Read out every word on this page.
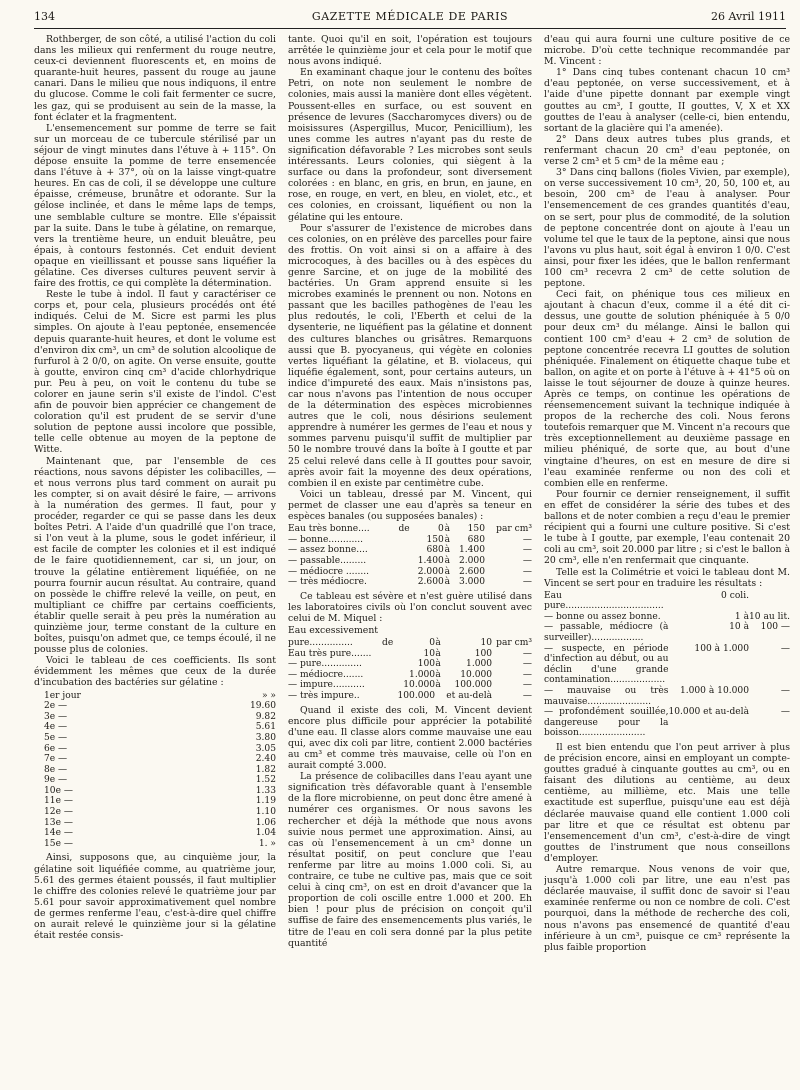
134	GAZETTE MÉDICALE DE PARIS	26 Avril 1911

Rothberger, de son côté, a utilisé l'action du coli dans les milieux qui renferment du rouge neutre, ceux-ci deviennent fluorescents et, en moins de quarante-huit heures, passent du rouge au jaune canari. Dans le milieu que nous indiquons, il entre du glucose. Comme le coli fait fermenter ce sucre, les gaz, qui se produisent au sein de la masse, la font éclater et la fragmentent.

L'ensemencement sur pomme de terre se fait sur un morceau de ce tubercule stérilisé par un séjour de vingt minutes dans l'étuve à + 115°. On dépose ensuite la pomme de terre ensemencée dans l'étuve à + 37°, où on la laisse vingt-quatre heures. En cas de coli, il se développe une culture épaisse, crémeuse, brunâtre et odorante. Sur la gélose inclinée, et dans le même laps de temps, une semblable culture se montre. Elle s'épaissit par la suite. Dans le tube à gélatine, on remarque, vers la trentième heure, un enduit bleuâtre, peu épais, à contours festonnés. Cet enduit devient opaque en vieillissant et pousse sans liquéfier la gélatine. Ces diverses cultures peuvent servir à faire des frottis, ce qui complète la détermination.

Reste le tube à indol. Il faut y caractériser ce corps et, pour cela, plusieurs procédés ont été indiqués. Celui de M. Sicre est parmi les plus simples. On ajoute à l'eau peptonée, ensemencée depuis quarante-huit heures, et dont le volume est d'environ dix cm³, un cm³ de solution alcoolique de furfurol à 2 0/0, on agite. On verse ensuite, goutte à goutte, environ cinq cm³ d'acide chlorhydrique pur. Peu à peu, on voit le contenu du tube se colorer en jaune serin s'il existe de l'indol. C'est afin de pouvoir bien apprécier ce changement de coloration qu'il est prudent de se servir d'une solution de peptone aussi incolore que possible, telle celle obtenue au moyen de la peptone de Witte.

Maintenant que, par l'ensemble de ces réactions, nous savons dépister les colibacilles, — et nous verrons plus tard comment on aurait pu les compter, si on avait désiré le faire, — arrivons à la numération des germes. Il faut, pour y procéder, regarder ce qui se passe dans les deux boîtes Petri. A l'aide d'un quadrillé que l'on trace, si l'on veut à la plume, sous le godet inférieur, il est facile de compter les colonies et il est indiqué de le faire quotidiennement, car si, un jour, on trouve la gélatine entièrement liquéfiée, on ne pourra fournir aucun résultat. Au contraire, quand on possède le chiffre relevé la veille, on peut, en multipliant ce chiffre par certains coefficients, établir quelle serait à peu près la numération au quinzième jour, terme constant de la culture en boîtes, puisqu'on admet que, ce temps écoulé, il ne pousse plus de colonies.

Voici le tableau de ces coefficients. Ils sont évidemment les mêmes que ceux de la durée d'incubation des bactéries sur gélatine :

1er jour	» »
2e —	19.60
3e —	9.82
4e —	5.61
5e —	3.80
6e —	3.05
7e —	2.40
8e —	1.82
9e —	1.52
10e —	1.33
11e —	1.19
12e —	1.10
13e —	1.06
14e —	1.04
15e —	1. »

Ainsi, supposons que, au cinquième jour, la gélatine soit liquéfiée comme, au quatrième jour, 5.61 des germes étaient poussés, il faut multiplier le chiffre des colonies relevé le quatrième jour par 5.61 pour savoir approximativement quel nombre de germes renferme l'eau, c'est-à-dire quel chiffre on aurait relevé le quinzième jour si la gélatine était restée consis-

tante. Quoi qu'il en soit, l'opération est toujours arrêtée le quinzième jour et cela pour le motif que nous avons indiqué.

En examinant chaque jour le contenu des boîtes Petri, on note non seulement le nombre de colonies, mais aussi la manière dont elles végètent. Poussent-elles en surface, ou est souvent en présence de levures (Saccharomyces divers) ou de moisissures (Aspergillus, Mucor, Penicillium), les unes comme les autres n'ayant pas du reste de signification défavorable ? Les microbes sont seuls intéressants. Leurs colonies, qui siègent à la surface ou dans la profondeur, sont diversement colorées : en blanc, en gris, en brun, en jaune, en rose, en rouge, en vert, en bleu, en violet, etc., et ces colonies, en croissant, liquéfient ou non la gélatine qui les entoure.

Pour s'assurer de l'existence de microbes dans ces colonies, on en prélève des parcelles pour faire des frottis. On voit ainsi si on a affaire à des microcoques, à des bacilles ou à des espèces du genre Sarcine, et on juge de la mobilité des bactéries. Un Gram apprend ensuite si les microbes examinés le prennent ou non. Notons en passant que les bacilles pathogènes de l'eau les plus redoutés, le coli, l'Eberth et celui de la dysenterie, ne liquéfient pas la gélatine et donnent des cultures blanches ou grisâtres. Remarquons aussi que B. pyocyaneus, qui végète en colonies vertes liquéfiant la gélatine, et B. violaceus, qui liquéfie également, sont, pour certains auteurs, un indice d'impureté des eaux. Mais n'insistons pas, car nous n'avons pas l'intention de nous occuper de la détermination des espèces microbiennes autres que le coli, nous désirions seulement apprendre à numérer les germes de l'eau et nous y sommes parvenu puisqu'il suffit de multiplier par 50 le nombre trouvé dans la boîte à I goutte et par 25 celui relevé dans celle à II gouttes pour savoir, après avoir fait la moyenne des deux opérations, combien il en existe par centimètre cube.

Voici un tableau, dressé par M. Vincent, qui permet de classer une eau d'après sa teneur en espèces banales (ou supposées banales) :

Eau très bonne....	de	0	à	150	par cm³
— bonne............		150	à	680	—
— assez bonne....		680	à	1.400	—
— passable.........		1.400	à	2.000	—
— médiocre ........		2.000	à	2.600	—
— très médiocre.		2.600	à	3.000	—

Ce tableau est sévère et n'est guère utilisé dans les laboratoires civils où l'on conclut souvent avec celui de M. Miquel :

Eau excessivement
pure...............	de	0	à	10	par cm³
Eau très pure.......		10	à	100	—
— pure..............		100	à	1.000	—
— médiocre.......		1.000	à	10.000	—
— impure...........		10.000	à	100.000	—
— très impure..		100.000		et au-delà	—

Quand il existe des coli, M. Vincent devient encore plus difficile pour apprécier la potabilité d'une eau. Il classe alors comme mauvaise une eau qui, avec dix coli par litre, contient 2.000 bactéries au cm³ et comme très mauvaise, celle où l'on en aurait compté 3.000.

La présence de colibacilles dans l'eau ayant une signification très défavorable quant à l'ensemble de la flore microbienne, on peut donc être amené à numérer ces organismes. Or nous savons les rechercher et déjà la méthode que nous avons suivie nous permet une approximation. Ainsi, au cas où l'ensemencement à un cm³ donne un résultat positif, on peut conclure que l'eau renferme par litre au moins 1.000 coli. Si, au contraire, ce tube ne cultive pas, mais que ce soit celui à cinq cm³, on est en droit d'avancer que la proportion de coli oscille entre 1.000 et 200. Eh bien ! pour plus de précision on conçoit qu'il suffise de faire des ensemencements plus variés, le titre de l'eau en coli sera donné par la plus petite quantité

d'eau qui aura fourni une culture positive de ce microbe. D'où cette technique recommandée par M. Vincent :

1° Dans cinq tubes contenant chacun 10 cm³ d'eau peptonée, on verse successivement, et à l'aide d'une pipette donnant par exemple vingt gouttes au cm³, I goutte, II gouttes, V, X et XX gouttes de l'eau à analyser (celle-ci, bien entendu, sortant de la glacière qui l'a amenée).

2° Dans deux autres tubes plus grands, et renfermant chacun 20 cm³ d'eau peptonée, on verse 2 cm³ et 5 cm³ de la même eau ;

3° Dans cinq ballons (fioles Vivien, par exemple), on verse successivement 10 cm³, 20, 50, 100 et, au besoin, 200 cm³ de l'eau à analyser. Pour l'ensemencement de ces grandes quantités d'eau, on se sert, pour plus de commodité, de la solution de peptone concentrée dont on ajoute à l'eau un volume tel que le taux de la peptone, ainsi que nous l'avons vu plus haut, soit égal à environ 1 0/0. C'est ainsi, pour fixer les idées, que le ballon renfermant 100 cm³ recevra 2 cm³ de cette solution de peptone.

Ceci fait, on phénique tous ces milieux en ajoutant à chacun d'eux, comme il a été dit ci-dessus, une goutte de solution phéniquée à 5 0/0 pour deux cm³ du mélange. Ainsi le ballon qui contient 100 cm³ d'eau + 2 cm³ de solution de peptone concentrée recevra LI gouttes de solution phéniquée. Finalement on étiquette chaque tube et ballon, on agite et on porte à l'étuve à + 41°5 où on laisse le tout séjourner de douze à quinze heures. Après ce temps, on continue les opérations de réensemencement suivant la technique indiquée à propos de la recherche des coli. Nous ferons toutefois remarquer que M. Vincent n'a recours que très exceptionnellement au deuxième passage en milieu phéniqué, de sorte que, au bout d'une vingtaine d'heures, on est en mesure de dire si l'eau examinée renferme ou non des coli et combien elle en renferme.

Pour fournir ce dernier renseignement, il suffit en effet de considérer la série des tubes et des ballons et de noter combien a reçu d'eau le premier récipient qui a fourni une culture positive. Si c'est le tube à I goutte, par exemple, l'eau contenait 20 coli au cm³, soit 20.000 par litre ; si c'est le ballon à 20 cm³, elle n'en renfermait que cinquante.

Telle est la Colimétrie et voici le tableau dont M. Vincent se sert pour en traduire les résultats :

Eau pure..................................	0 coli.	
— bonne ou assez bonne.	1 à	10 au lit.
— passable, médiocre (à surveiller)..................	10 à	100 —
— suspecte, en période d'infection au début, ou au déclin d'une grande contamination...................	100 à 1.000	—
— mauvaise ou très mauvaise......................	1.000 à 10.000	—
— profondément souillée, dangereuse pour la boisson.......................	10.000 et au-delà	—

Il est bien entendu que l'on peut arriver à plus de précision encore, ainsi en employant un compte-gouttes gradué à cinquante gouttes au cm³, ou en faisant des dilutions au centième, au deux centième, au millième, etc. Mais une telle exactitude est superflue, puisqu'une eau est déjà déclarée mauvaise quand elle contient 1.000 coli par litre et que ce résultat est obtenu par l'ensemencement d'un cm³, c'est-à-dire de vingt gouttes de l'instrument que nous conseillons d'employer.

Autre remarque. Nous venons de voir que, jusqu'à 1.000 coli par litre, une eau n'est pas déclarée mauvaise, il suffit donc de savoir si l'eau examinée renferme ou non ce nombre de coli. C'est pourquoi, dans la méthode de recherche des coli, nous n'avons pas ensemencé de quantité d'eau inférieure à un cm³, puisque ce cm³ représente la plus faible proportion
